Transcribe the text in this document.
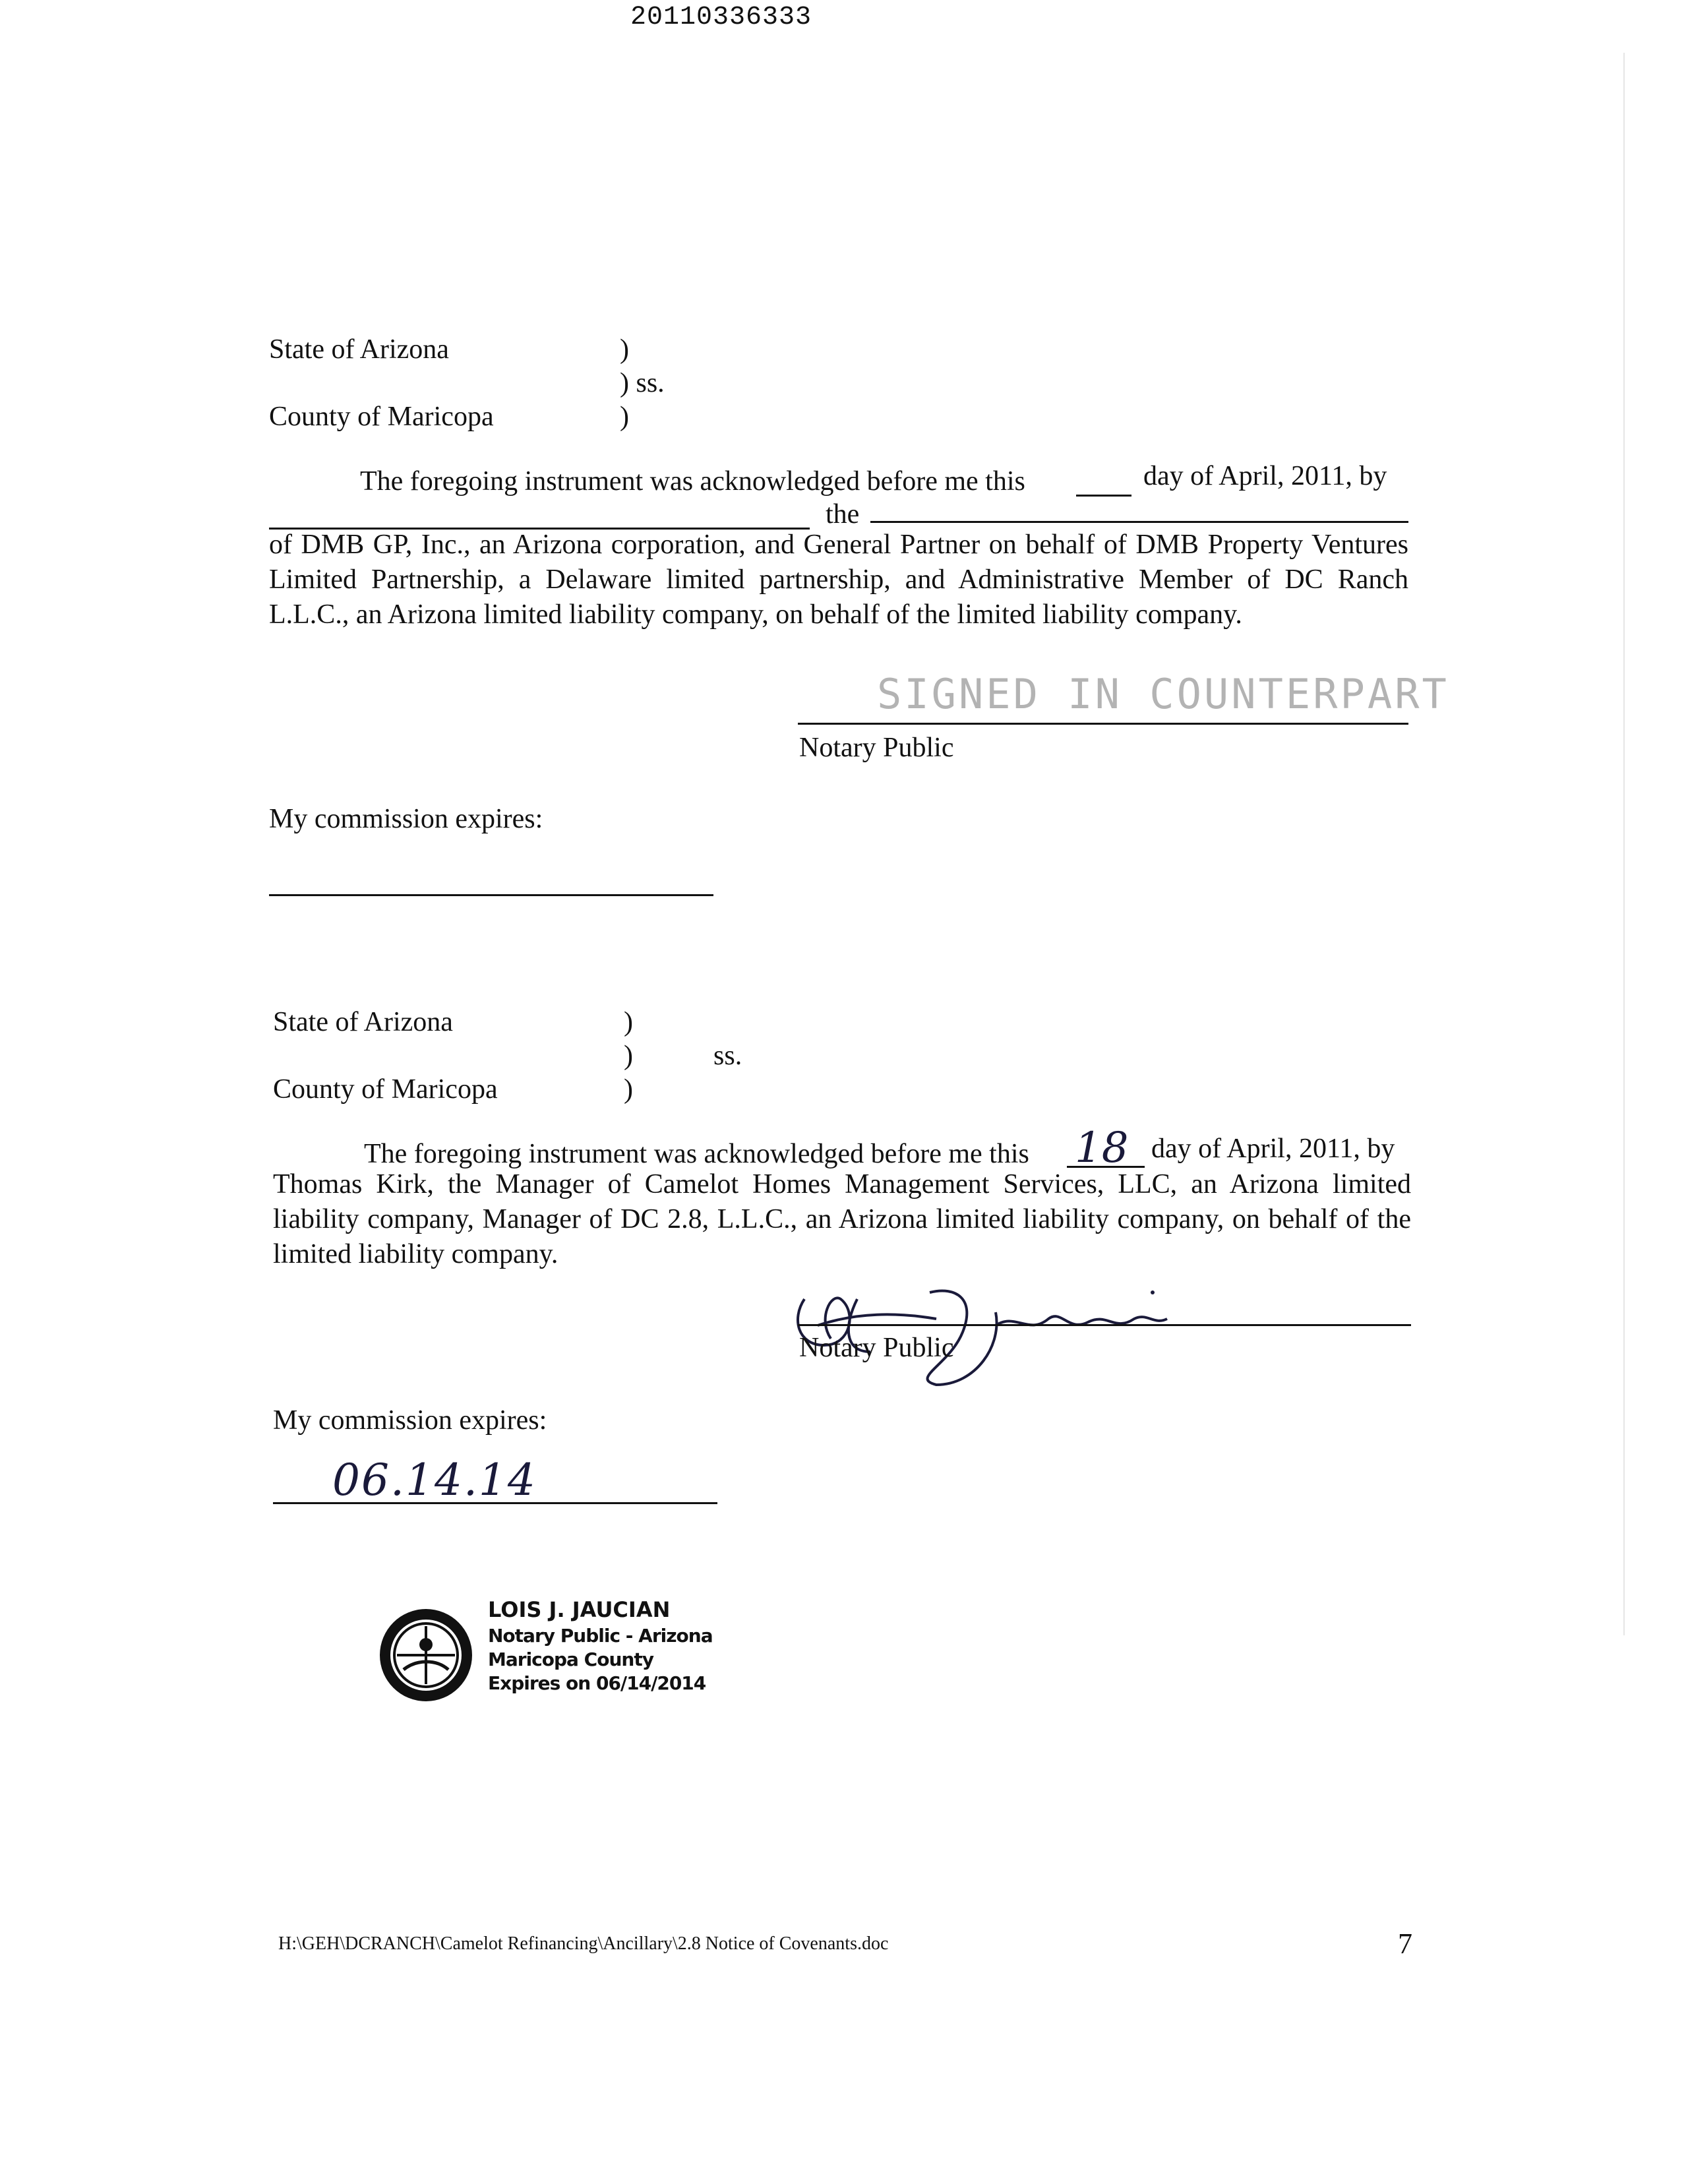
20110336333
State of Arizona	)
) ss.
County of Maricopa	)
The foregoing instrument was acknowledged before me this	day of April, 2011, by
the
of DMB GP, Inc., an Arizona corporation, and General Partner on behalf of DMB Property Ventures Limited Partnership, a Delaware limited partnership, and Administrative Member of DC Ranch L.L.C., an Arizona limited liability company, on behalf of the limited liability company.
SIGNED IN COUNTERPART
Notary Public
My commission expires:
State of Arizona	)
)	ss.
County of Maricopa	)
The foregoing instrument was acknowledged before me this 18 day of April, 2011, by
Thomas Kirk, the Manager of Camelot Homes Management Services, LLC, an Arizona limited liability company, Manager of DC 2.8, L.L.C., an Arizona limited liability company, on behalf of the limited liability company.
Notary Public
My commission expires:
06.14.14
LOIS J. JAUCIAN
Notary Public - Arizona
Maricopa County
Expires on 06/14/2014
H:\GEH\DCRANCH\Camelot Refinancing\Ancillary\2.8 Notice of Covenants.doc	7
